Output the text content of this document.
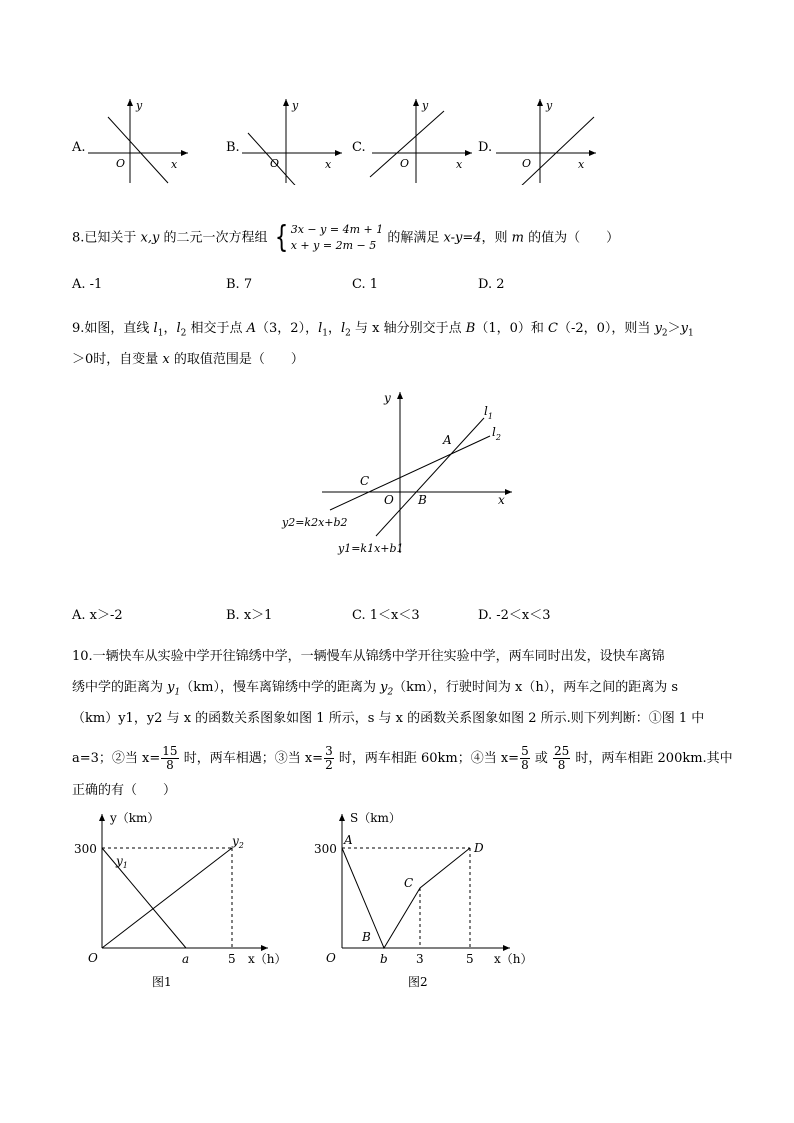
A.
y
x
O
B.
y
x
O
C.
y
x
O
D.
y
x
O
8.已知关于 x,y 的二元一次方程组 { 3x − y = 4m + 1
x + y = 2m − 5 的解满足 x-y=4，则 m 的值为（　　）
A. -1	B. 7	C. 1	D. 2
9.如图，直线 $l_1$，$l_2$ 相交于点 A（3，2），$l_1$，$l_2$ 与 x 轴分别交于点 B（1，0）和 C（-2，0），则当 $y_2>y_1$
＞0时，自变量 x 的取值范围是（　　）
y
x
O
A
B
C
$l_1$
$l_2$
y2=k2x+b2
y1=k1x+b1
A. x＞-2	B. x＞1	C. 1＜x＜3	D. -2＜x＜3
10.一辆快车从实验中学开往锦绣中学，一辆慢车从锦绣中学开往实验中学，两车同时出发，设快车离锦
绣中学的距离为 $y_1(km)$，慢车离锦绣中学的距离为 $y_2(km)$，行驶时间为 x（h），两车之间的距离为 s
（km）y1，y2 与 x 的函数关系图象如图 1 所示，s 与 x 的函数关系图象如图 2 所示.则下列判断：①图 1 中
a=3；②当 $x= \frac{15}{8}$ 时，两车相遇；③当 $x= \frac{3}{2}$ 时，两车相距 60km；④当 $x= \frac{5}{8}$ 或 $\frac{25}{8}$ 时，两车相距 200km.其中
正确的有（　　）
y（km）
300
O	a	5 x（h）
$y_1$
$y_2$
图1
S（km）
300
O	b 3	5 x（h）
A
B
C
D
图2
